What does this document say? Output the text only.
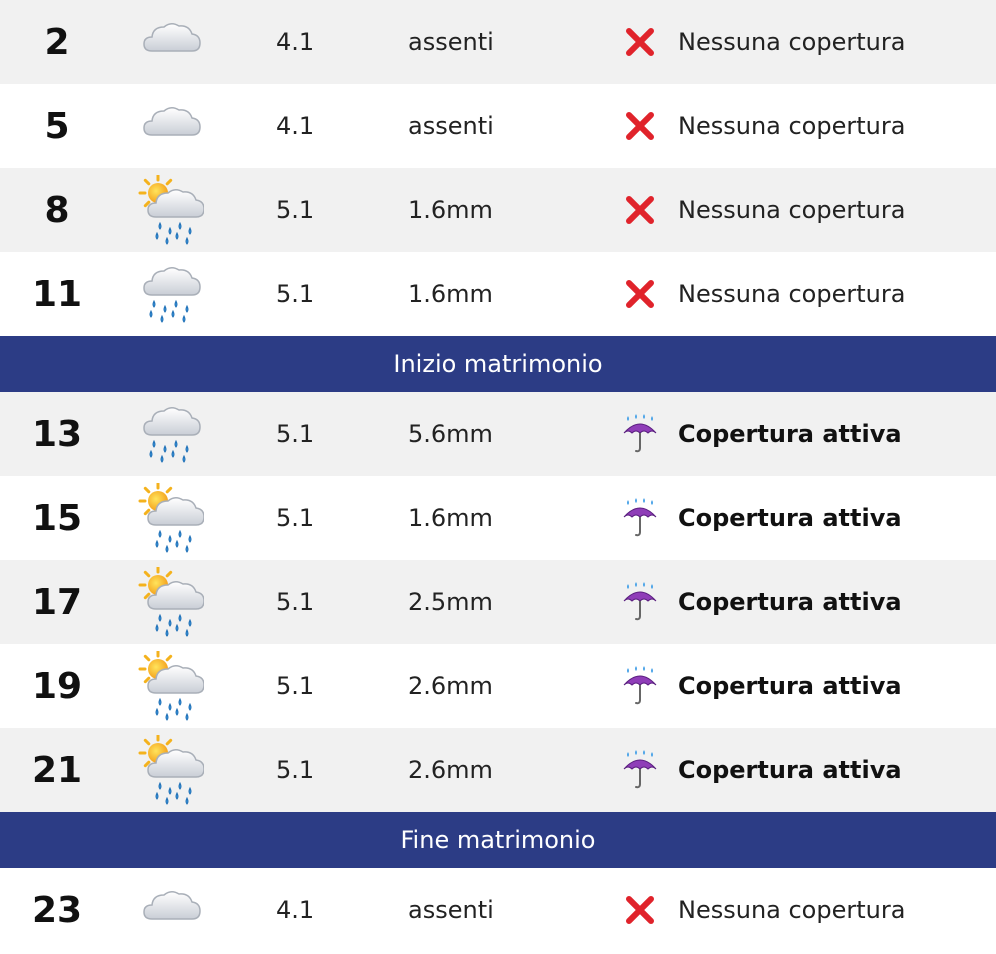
2	4.1	assenti	Nessuna copertura
5	4.1	assenti	Nessuna copertura
8	5.1	1.6mm	Nessuna copertura
11	5.1	1.6mm	Nessuna copertura
Inizio matrimonio
13	5.1	5.6mm	Copertura attiva
15	5.1	1.6mm	Copertura attiva
17	5.1	2.5mm	Copertura attiva
19	5.1	2.6mm	Copertura attiva
21	5.1	2.6mm	Copertura attiva
Fine matrimonio
23	4.1	assenti	Nessuna copertura
